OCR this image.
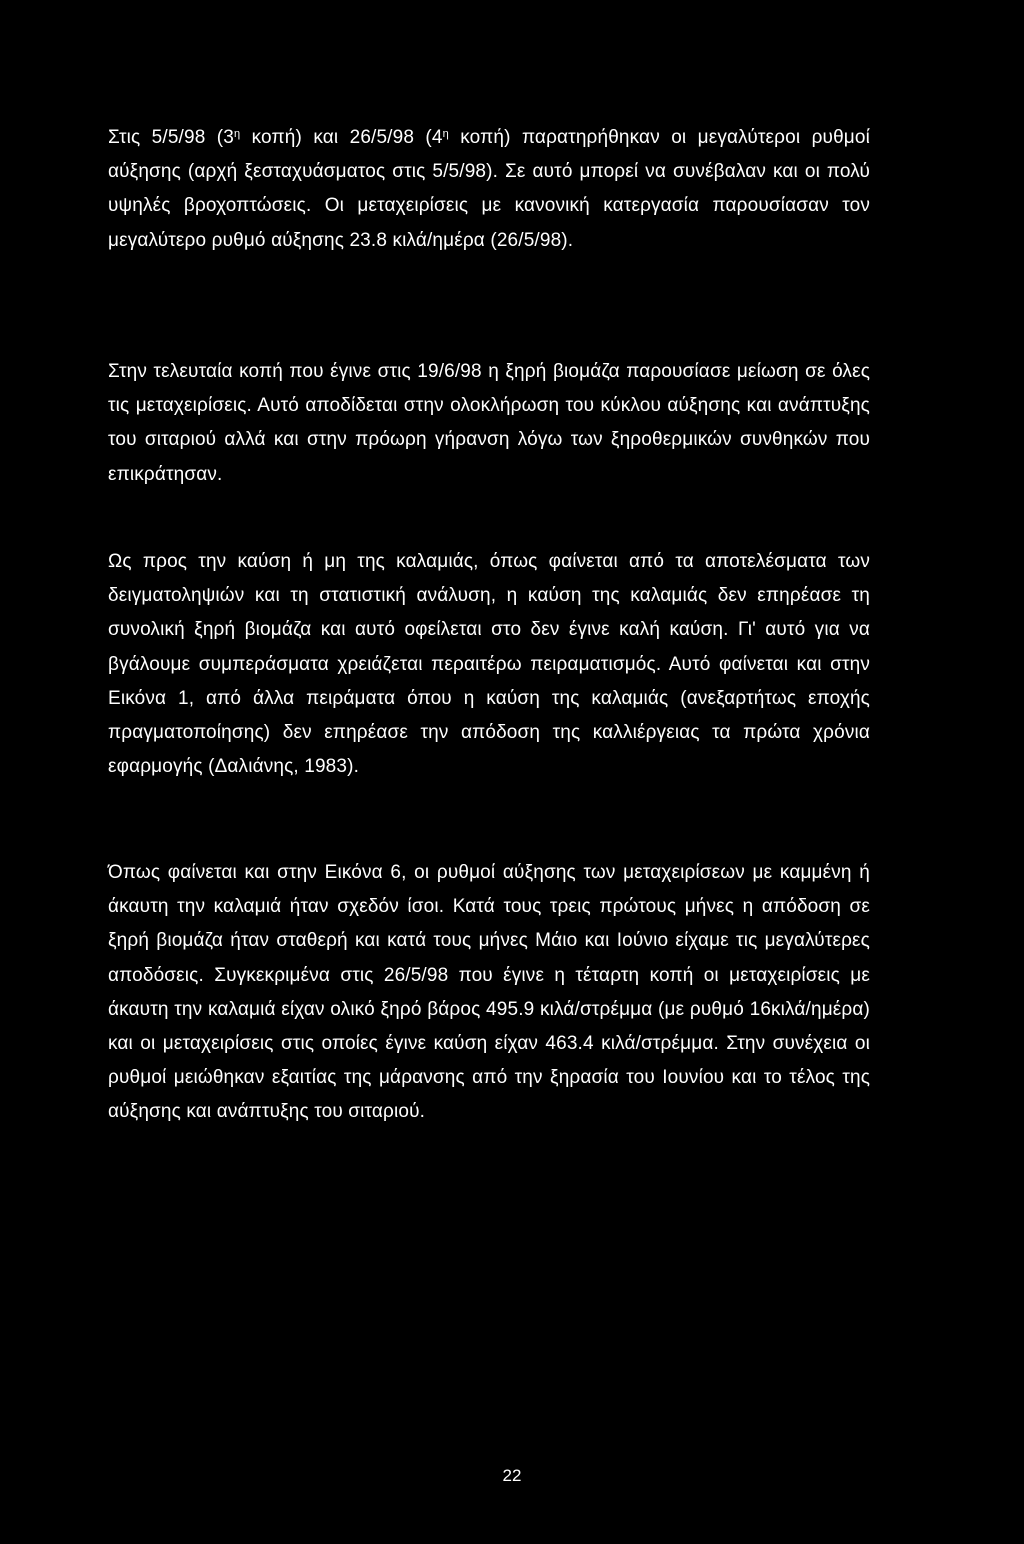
Στις 5/5/98 ($3^\eta$ κοπή) και 26/5/98 ($4^\eta$ κοπή) παρατηρήθηκαν οι μεγαλύτεροι ρυθμοί αύξησης (αρχή ξεσταχυάσματος στις 5/5/98). Σε αυτό μπορεί να συνέβαλαν και οι πολύ υψηλές βροχοπτώσεις. Οι μεταχειρίσεις με κανονική κατεργασία παρουσίασαν τον μεγαλύτερο ρυθμό αύξησης 23.8 κιλά/ημέρα (26/5/98).

Στην τελευταία κοπή που έγινε στις 19/6/98 η ξηρή βιομάζα παρουσίασε μείωση σε όλες τις μεταχειρίσεις. Αυτό αποδίδεται στην ολοκλήρωση του κύκλου αύξησης και ανάπτυξης του σιταριού αλλά και στην πρόωρη γήρανση λόγω των ξηροθερμικών συνθηκών που επικράτησαν.

Ως προς την καύση ή μη της καλαμιάς, όπως φαίνεται από τα αποτελέσματα των δειγματοληψιών και τη στατιστική ανάλυση, η καύση της καλαμιάς δεν επηρέασε τη συνολική ξηρή βιομάζα και αυτό οφείλεται στο δεν έγινε καλή καύση. Γι' αυτό για να βγάλουμε συμπεράσματα χρειάζεται περαιτέρω πειραματισμός. Αυτό φαίνεται και στην Εικόνα 1, από άλλα πειράματα όπου η καύση της καλαμιάς (ανεξαρτήτως εποχής πραγματοποίησης) δεν επηρέασε την απόδοση της καλλιέργειας τα πρώτα χρόνια εφαρμογής (Δαλιάνης, 1983).

Όπως φαίνεται και στην Εικόνα 6, οι ρυθμοί αύξησης των μεταχειρίσεων με καμμένη ή άκαυτη την καλαμιά ήταν σχεδόν ίσοι. Κατά τους τρεις πρώτους μήνες η απόδοση σε ξηρή βιομάζα ήταν σταθερή και κατά τους μήνες Μάιο και Ιούνιο είχαμε τις μεγαλύτερες αποδόσεις. Συγκεκριμένα στις 26/5/98 που έγινε η τέταρτη κοπή οι μεταχειρίσεις με άκαυτη την καλαμιά είχαν ολικό ξηρό βάρος 495.9 κιλά/στρέμμα (με ρυθμό 16κιλά/ημέρα) και οι μεταχειρίσεις στις οποίες έγινε καύση είχαν 463.4 κιλά/στρέμμα. Στην συνέχεια οι ρυθμοί μειώθηκαν εξαιτίας της μάρανσης από την ξηρασία του Ιουνίου και το τέλος της αύξησης και ανάπτυξης του σιταριού.

22
